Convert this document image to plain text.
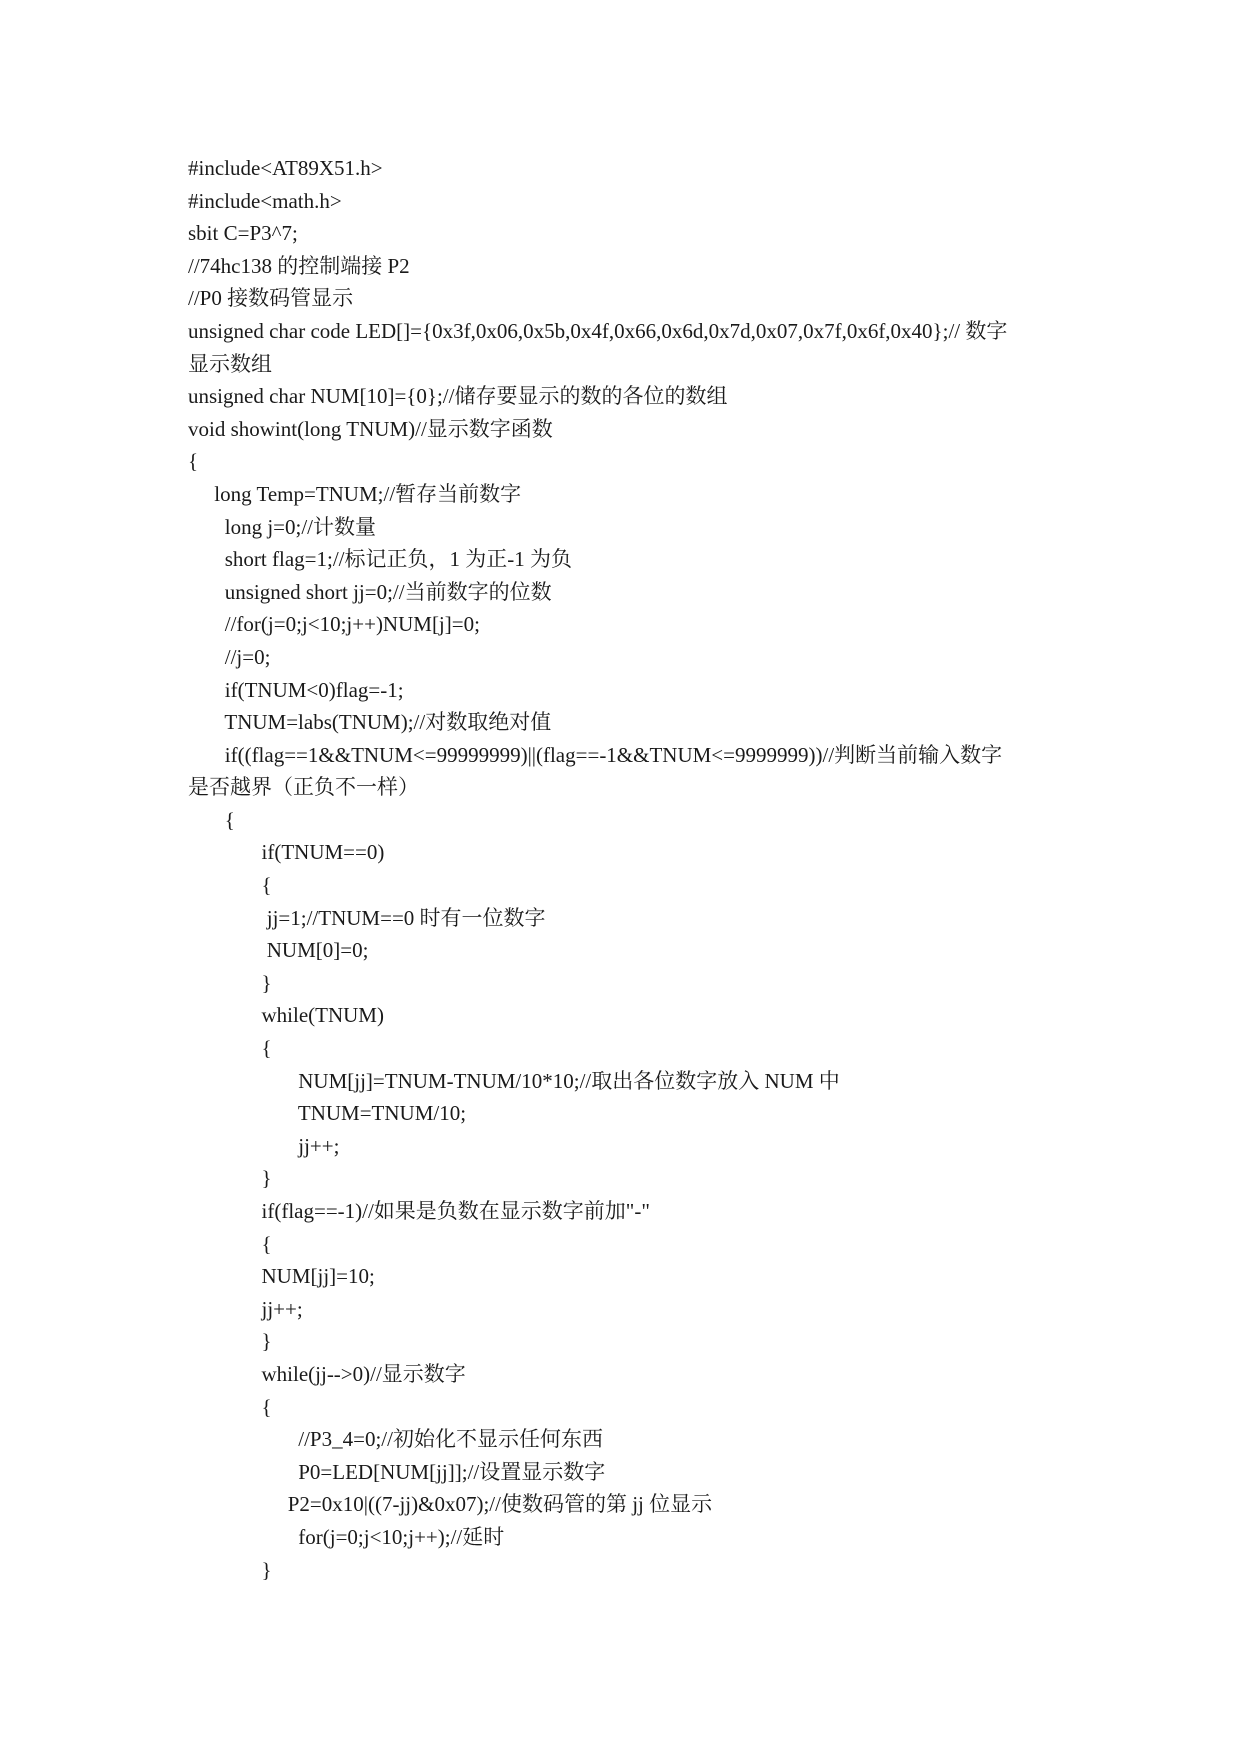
#include<AT89X51.h>
#include<math.h>
sbit C=P3^7;
//74hc138 的控制端接 P2
//P0 接数码管显示
unsigned char code LED[]={0x3f,0x06,0x5b,0x4f,0x66,0x6d,0x7d,0x07,0x7f,0x6f,0x40};// 数字
显示数组
unsigned char NUM[10]={0};//储存要显示的数的各位的数组
void showint(long TNUM)//显示数字函数
{
long Temp=TNUM;//暂存当前数字
long j=0;//计数量
short flag=1;//标记正负，1 为正-1 为负
unsigned short jj=0;//当前数字的位数
//for(j=0;j<10;j++)NUM[j]=0;
//j=0;
if(TNUM<0)flag=-1;
TNUM=labs(TNUM);//对数取绝对值
if((flag==1&&TNUM<=99999999)||(flag==-1&&TNUM<=9999999))//判断当前输入数字
是否越界（正负不一样）
{
if(TNUM==0)
{
jj=1;//TNUM==0 时有一位数字
NUM[0]=0;
}
while(TNUM)
{
NUM[jj]=TNUM-TNUM/10*10;//取出各位数字放入 NUM 中
TNUM=TNUM/10;
jj++;
}
if(flag==-1)//如果是负数在显示数字前加"-"
{
NUM[jj]=10;
jj++;
}
while(jj-->0)//显示数字
{
//P3_4=0;//初始化不显示任何东西
P0=LED[NUM[jj]];//设置显示数字
P2=0x10|((7-jj)&0x07);//使数码管的第 jj 位显示
for(j=0;j<10;j++);//延时
}
